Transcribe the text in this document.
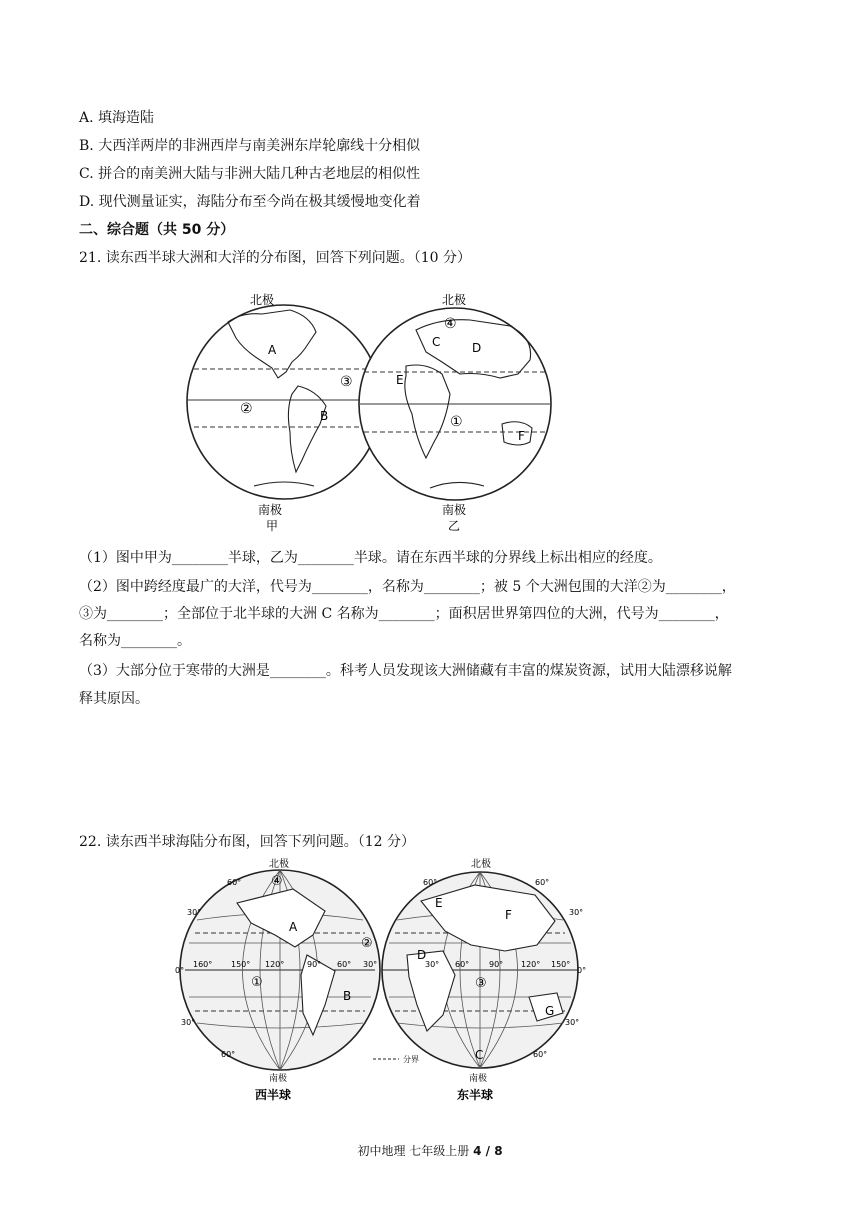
A. 填海造陆
B. 大西洋两岸的非洲西岸与南美洲东岸轮廓线十分相似
C. 拼合的南美洲大陆与非洲大陆几种古老地层的相似性
D. 现代测量证实，海陆分布至今尚在极其缓慢地变化着
二、综合题（共 50 分）
21. 读东西半球大洲和大洋的分布图，回答下列问题。（10 分）
北极
A
B
②
③
南极
甲
北极
④
C	D
E
①
F
南极
乙
（1）图中甲为________半球，乙为________半球。请在东西半球的分界线上标出相应的经度。
（2）图中跨经度最广的大洋，代号为________，名称为________；被 5 个大洲包围的大洋②为________，
③为________；全部位于北半球的大洲 C 名称为________；面积居世界第四位的大洲，代号为________，
名称为________。
（3）大部分位于寒带的大洲是________。科考人员发现该大洲储藏有丰富的煤炭资源，试用大陆漂移说解
释其原因。
22. 读东西半球海陆分布图，回答下列问题。（12 分）
北极
④
A
B
①
②
60°
30°
0°
160° 150° 120°	90° 60° 30°
30°
60°
南极
西半球
分界
北极
E
F
D
③
G
C
60°	60°
30°
30° 60° 90° 120° 150°
0°
30°
60°
南极
东半球
初中地理 七年级上册 4 / 8
